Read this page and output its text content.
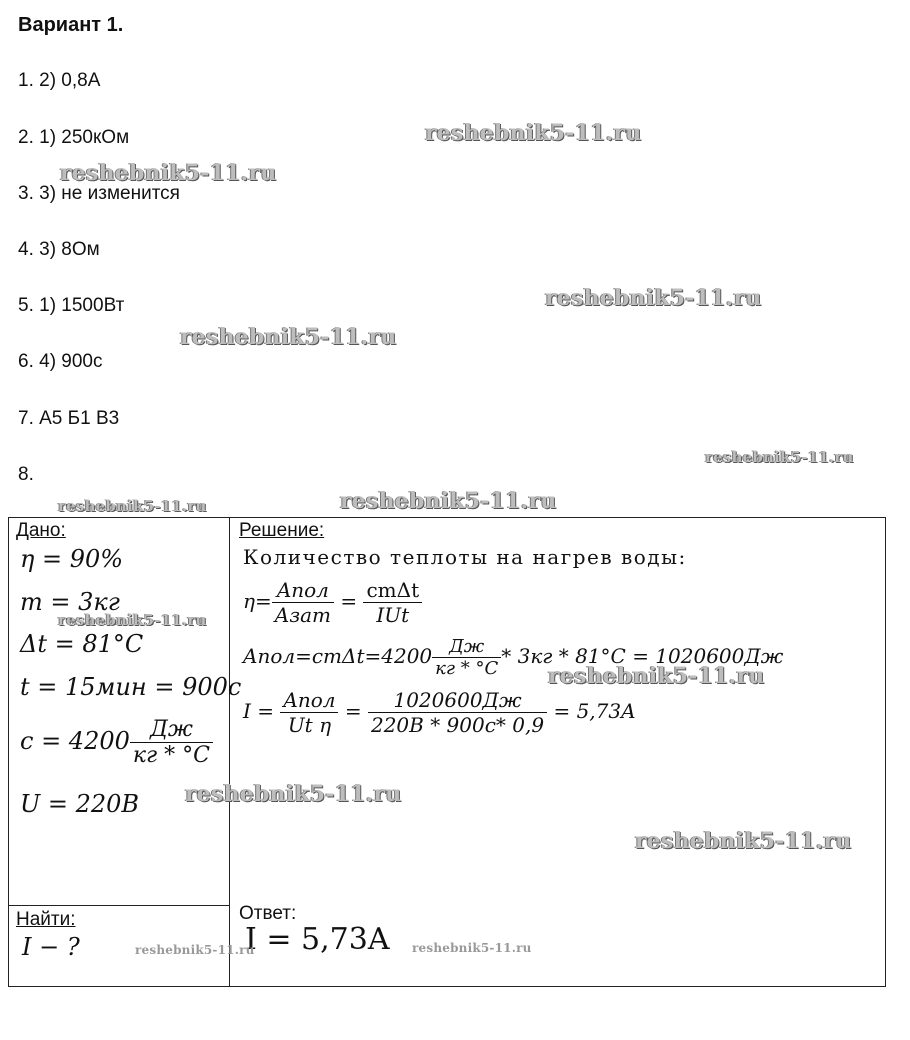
Вариант 1.
1. 2) 0,8А
2. 1) 250кОм
3. 3) не изменится
4. 3) 8Ом
5. 1) 1500Вт
6. 4) 900с
7. А5 Б1 В3
8.
Дано:
η = 90%
m = 3кг
Δt = 81°C
t = 15мин = 900с
$c = 4200 \frac{Дж}{кг * ^\circ C}$
U = 220B
Найти:
I − ?
Решение:
Количество теплоты на нагрев воды:
$\eta= \frac{\text{Aпол}}{\text{Aзат}} = \frac{\text{cmΔt}}{\text{IUt}}$
Aпол=cmΔt=4200 $\frac{Дж}{кг * ^\circ C} * 3кг * 81^\circ C = 1020600Дж$
$I = \frac{\text{Aпол}}{\text{Ut η}} = \frac{1020600Дж}{220B * 900c* 0,9} = 5,73A$
Ответ:
I = 5,73A
reshebnik5-11.ru
reshebnik5-11.ru
reshebnik5-11.ru
reshebnik5-11.ru
reshebnik5-11.ru
reshebnik5-11.ru	reshebnik5-11.ru
reshebnik5-11.ru
reshebnik5-11.ru
reshebnik5-11.ru
reshebnik5-11.ru
reshebnik5-11.ru	reshebnik5-11.ru
